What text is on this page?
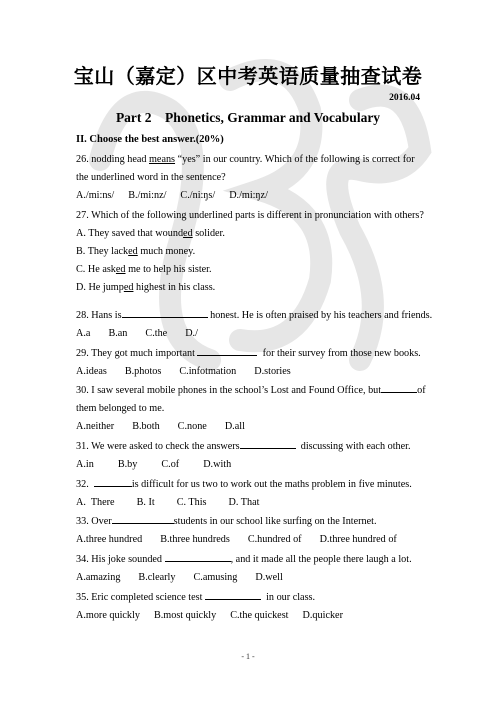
宝山（嘉定）区中考英语质量抽查试卷
2016.04
Part 2    Phonetics, Grammar and Vocabulary
II. Choose the best answer.(20%)
26. nodding head means “yes” in our country. Which of the following is correct for
the underlined word in the sentence?
A./mi:ns/ B./mi:nz/ C./ni:ŋs/ D./mi:ŋz/
27. Which of the following underlined parts is different in pronunciation with others?
A. They saved that wounded solider.
B. They lacked much money.
C. He asked me to help his sister.
D. He jumped highest in his class.
28. Hans is	honest. He is often praised by his teachers and friends.
A.a B.an C.the D./
29. They got much important	for their survey from those new books.
A.ideas B.photos C.infotmation D.stories
30. I saw several mobile phones in the school’s Lost and Found Office, but	of
them belonged to me.
A.neither B.both C.none D.all
31. We were asked to check the answers	discussing with each other.
A.in B.by C.of D.with
32.	is difficult for us two to work out the maths problem in five minutes.
A.  There B. It C. This D. That
33. Over	students in our school like surfing on the Internet.
A.three hundred B.three hundreds C.hundred of D.three hundred of
34. His joke sounded	, and it made all the people there laugh a lot.
A.amazing B.clearly C.amusing D.well
35. Eric completed science test	in our class.
A.more quickly B.most quickly C.the quickest D.quicker
- 1 -
